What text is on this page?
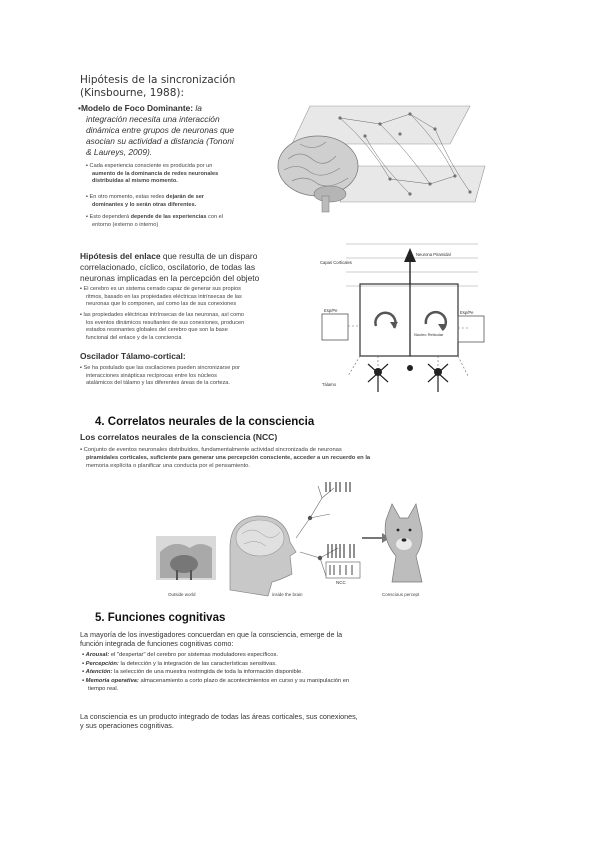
Hipótesis de la sincronización
(Kinsbourne, 1988):
•Modelo de Foco Dominante: la
integración necesita una interacción
dinámica entre grupos de neuronas que
asocian su actividad a distancia (Tononi
& Laureys, 2009).
▪ Cada experiencia consciente es producida por un
aumento de la dominancia de redes neuronales
distribuidas al mismo momento.
▪ En otro momento, estas redes dejarán de ser
dominantes y lo serán otras diferentes.
▪ Esto dependerá depende de las experiencias con el
entorno (externo o interno)
Hipótesis del enlace que resulta de un disparo
correlacionado, cíclico, oscilatorio, de todas las
neuronas implicadas en la percepción del objeto
▪ El cerebro es un sistema cerrado capaz de generar sus propios
ritmos, basado en las propiedades eléctricas intrínsecas de las
neuronas que lo componen, así como las de sus conexiones
▪ las propiedades eléctricas intrínsecas de las neuronas, así como
los eventos dinámicos resultantes de sus conexiones, producen
estados resonantes globales del cerebro que son la base
funcional del enlace y de la conciencia
Oscilador Tálamo-cortical:
▪ Se ha postulado que las oscilaciones pueden sincronizarse por
interacciones sinápticas recíprocas entre los núcleos
atalámicos del tálamo y las diferentes áreas de la corteza.
Capas Corticales
Neurona Piramidal
Esp/Pe	Esp/Pe
Núcleo Reticular
Tálamo
4. Correlatos neurales de la consciencia
Los correlatos neurales de la consciencia (NCC)
▪ Conjunto de eventos neuronales distribuidos, fundamentalmente actividad sincronizada de neuronas
piramidales corticales, suficiente para generar una percepción consciente, acceder a un recuerdo en la
memoria explícita o planificar una conducta por el pensamiento.
NCC
Outside world	inside the brain	Conscious percept
5. Funciones cognitivas
La mayoría de los investigadores concuerdan en que la consciencia, emerge de la
función integrada de funciones cognitivas como:
▪ Arousal: el "despertar" del cerebro por sistemas moduladores específicos.
▪ Percepción: la detección y la integración de las características sensitivas.
▪ Atención: la selección de una muestra restringida de toda la información disponible.
▪ Memoria operativa: almacenamiento a corto plazo de acontecimientos en curso y su manipulación en
tiempo real.
La consciencia es un producto integrado de todas las áreas corticales, sus conexiones,
y sus operaciones cognitivas.
